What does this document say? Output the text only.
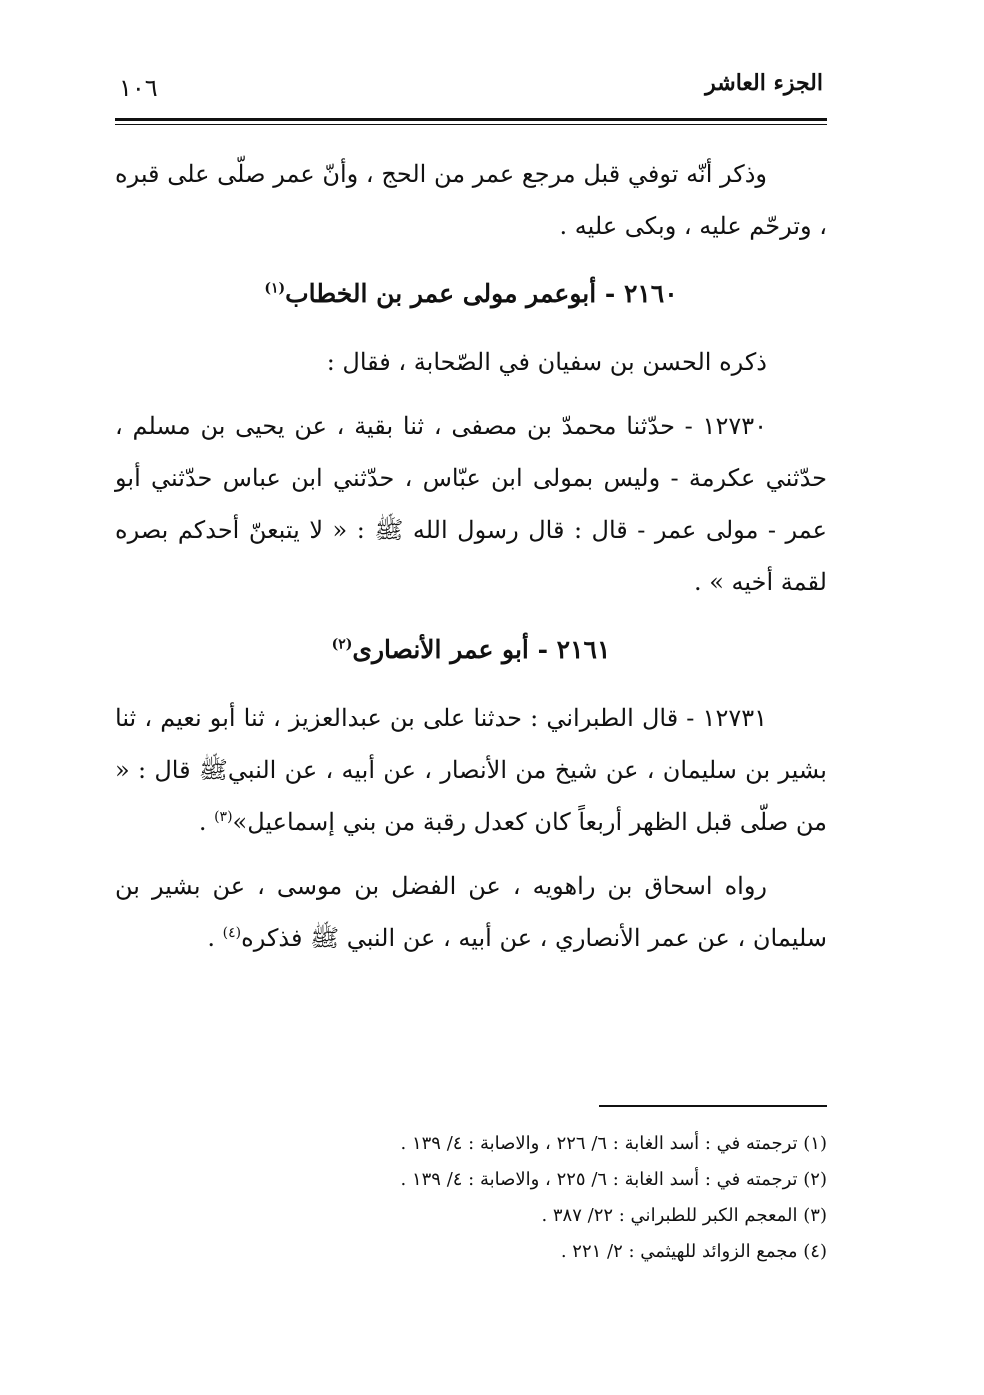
الجزء العاشر
١٠٦

وذكر أنّه توفي قبل مرجع عمر من الحج ، وأنّ عمر صلّى على قبره ، وترحّم عليه ، وبكى عليه .

٢١٦٠ - أبوعمر مولى عمر بن الخطاب$^{(١)}$

ذكره الحسن بن سفيان في الصّحابة ، فقال :

١٢٧٣٠ - حدّثنا محمدّ بن مصفى ، ثنا بقية ، عن يحيى بن مسلم ، حدّثني عكرمة - وليس بمولى ابن عبّاس ، حدّثني ابن عباس حدّثني أبو عمر - مولى عمر - قال : قال رسول الله ﷺ : « لا يتبعنّ أحدكم بصره لقمة أخيه » .

٢١٦١ - أبو عمر الأنصارى$^{(٢)}$

١٢٧٣١ - قال الطبراني : حدثنا على بن عبدالعزيز ، ثنا أبو نعيم ، ثنا بشير بن سليمان ، عن شيخ من الأنصار ، عن أبيه ، عن النبيﷺ قال : « من صلّى قبل الظهر أربعاً كان كعدل رقبة من بني إسماعيل»$^{(٣)}$ .

رواه اسحاق بن راهويه ، عن الفضل بن موسى ، عن بشير بن سليمان ، عن عمر الأنصاري ، عن أبيه ، عن النبي ﷺ فذكره$^{(٤)}$ .

(١) ترجمته في : أسد الغابة : ٦/ ٢٢٦ ، والاصابة : ٤/ ١٣٩ .
(٢) ترجمته في : أسد الغابة : ٦/ ٢٢٥ ، والاصابة : ٤/ ١٣٩ .
(٣) المعجم الكبر للطبراني : ٢٢/ ٣٨٧ .
(٤) مجمع الزوائد للهيثمي : ٢/ ٢٢١ .
